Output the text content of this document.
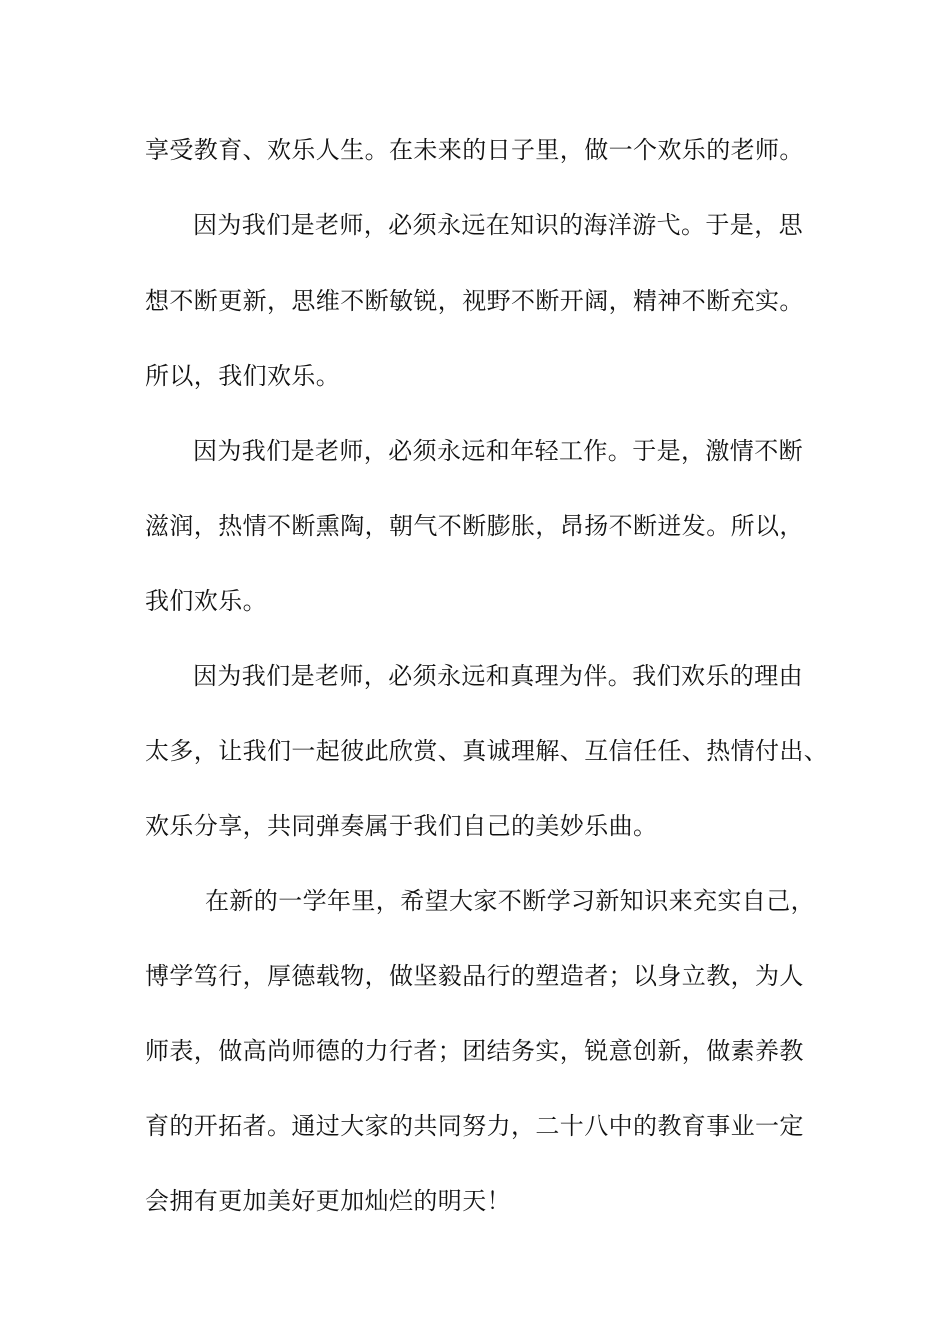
享受教育、欢乐人生。在未来的日子里，做一个欢乐的老师。
因为我们是老师，必须永远在知识的海洋游弋。于是，思
想不断更新，思维不断敏锐，视野不断开阔，精神不断充实。
所以，我们欢乐。
因为我们是老师，必须永远和年轻工作。于是，激情不断
滋润，热情不断熏陶，朝气不断膨胀，昂扬不断迸发。所以，
我们欢乐。
因为我们是老师，必须永远和真理为伴。我们欢乐的理由
太多，让我们一起彼此欣赏、真诚理解、互信任任、热情付出、
欢乐分享，共同弹奏属于我们自己的美妙乐曲。
在新的一学年里，希望大家不断学习新知识来充实自己，
博学笃行，厚德载物，做坚毅品行的塑造者；以身立教，为人
师表，做高尚师德的力行者；团结务实，锐意创新，做素养教
育的开拓者。通过大家的共同努力，二十八中的教育事业一定
会拥有更加美好更加灿烂的明天！
